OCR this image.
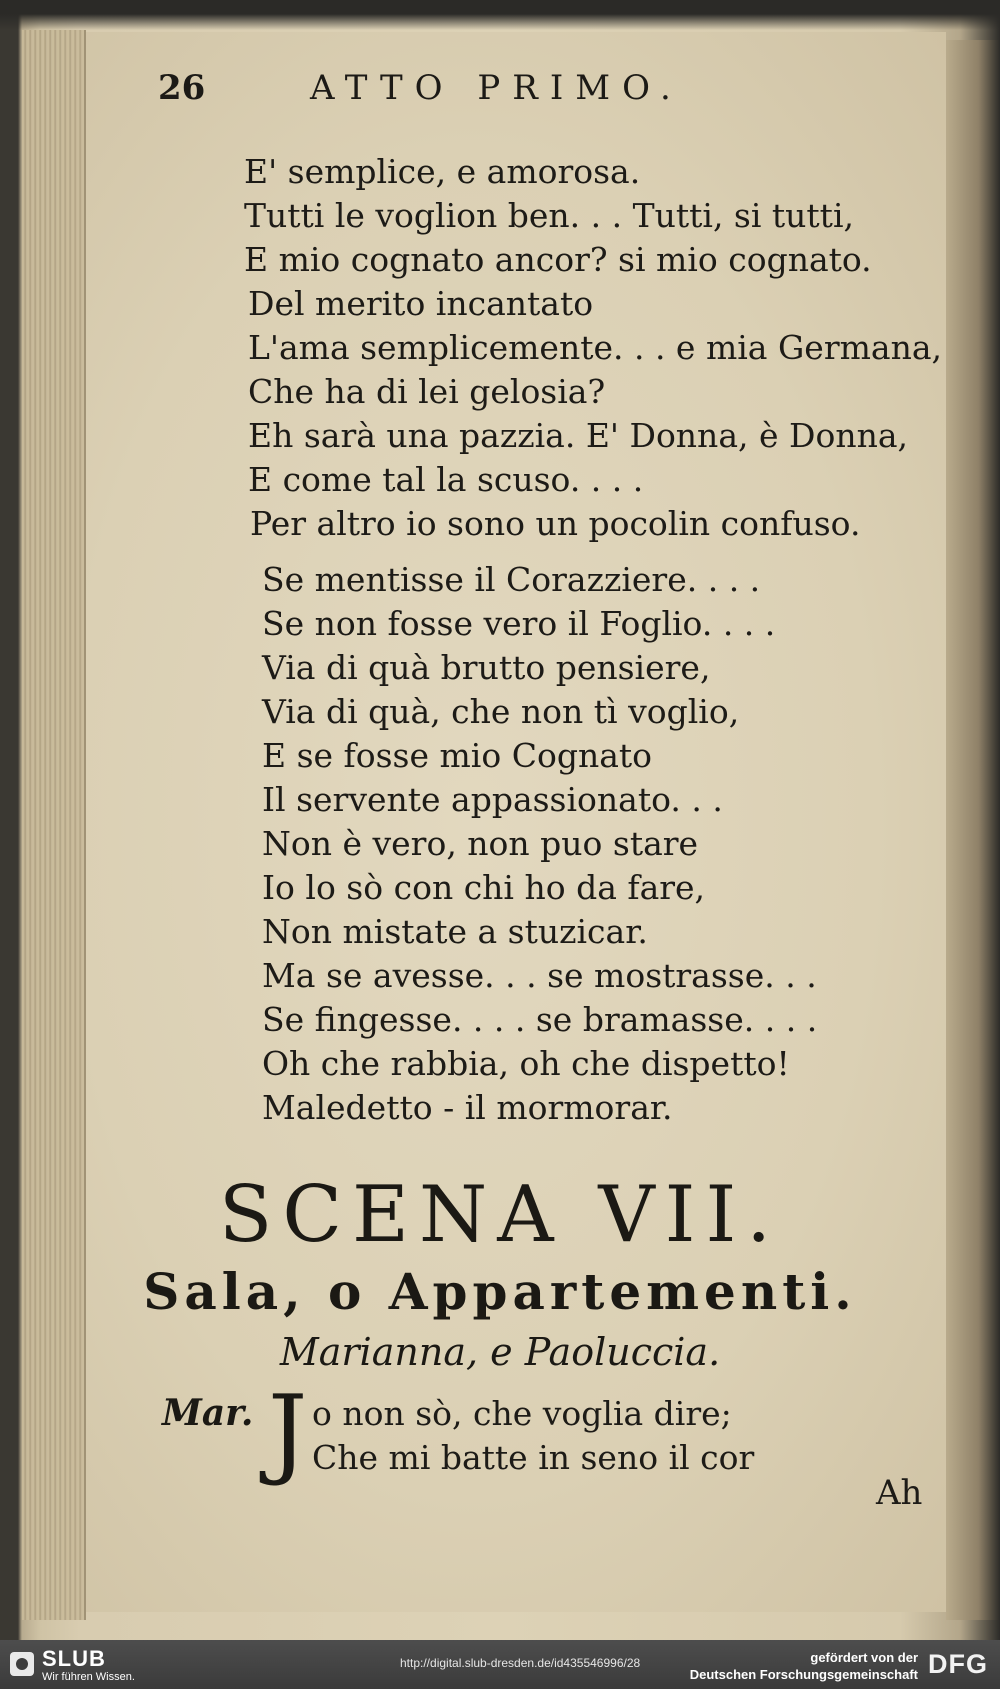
26	ATTO PRIMO.
E' semplice, e amorosa.
Tutti le voglion ben. . . Tutti, si tutti,
E mio cognato ancor? si mio cognato.
Del merito incantato
L'ama semplicemente. . . e mia Germana,
Che ha di lei gelosia?
Eh sarà una pazzia. E' Donna, è Donna,
E come tal la scuso. . . .
Per altro io sono un pocolin confuso.
Se mentisse il Corazziere. . . .
Se non fosse vero il Foglio. . . .
Via di quà brutto pensiere,
Via di quà, che non tì voglio,
E se fosse mio Cognato
Il servente appassionato. . .
Non è vero, non puo stare
Io lo sò con chi ho da fare,
Non mistate a stuzicar.
Ma se avesse. . . se mostrasse. . .
Se fingesse. . . . se bramasse. . . .
Oh che rabbia, oh che dispetto!
Maledetto - il mormorar.
SCENA VII.
Sala, o Appartementi.
Marianna, e Paoluccia.
Mar. J o non sò, che voglia dire;
Che mi batte in seno il cor
Ah
SLUB
Wir führen Wissen.
http://digital.slub-dresden.de/id435546996/28	gefördert von der
Deutschen Forschungsgemeinschaft DFG
